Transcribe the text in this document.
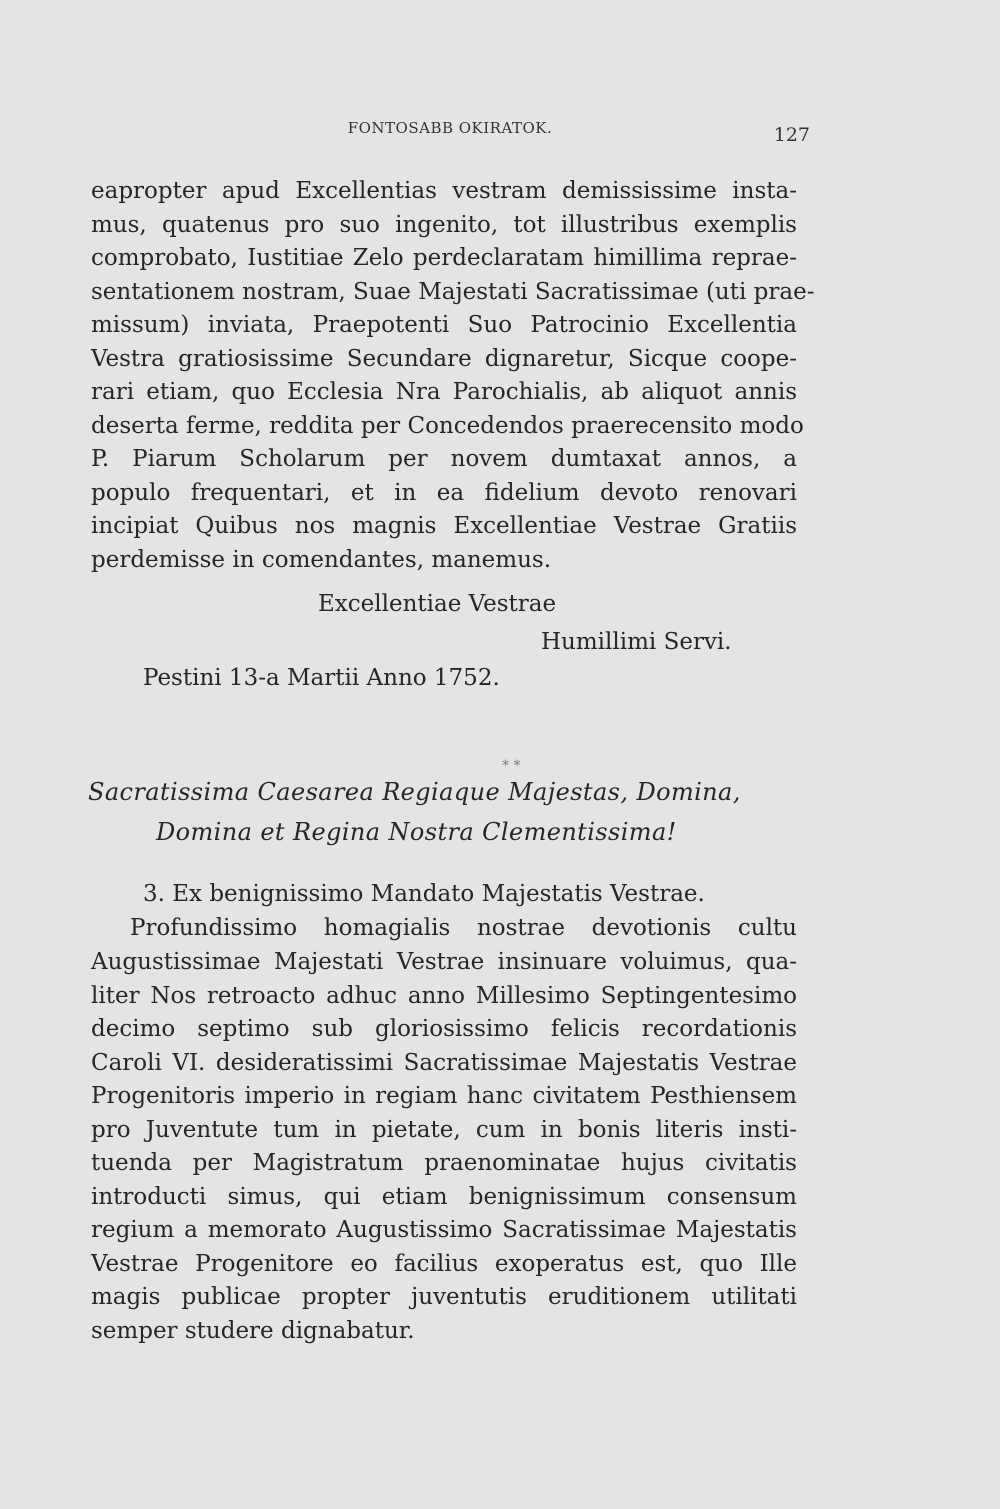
FONTOSABB OKIRATOK.	127
eapropter apud Excellentias vestram demississime insta-
mus, quatenus pro suo ingenito, tot illustribus exemplis
comprobato, Iustitiae Zelo perdeclaratam himillima reprae-
sentationem nostram, Suae Majestati Sacratissimae (uti prae-
missum) inviata, Praepotenti Suo Patrocinio Excellentia
Vestra gratiosissime Secundare dignaretur, Sicque coope-
rari etiam, quo Ecclesia Nra Parochialis, ab aliquot annis
deserta ferme, reddita per Concedendos praerecensito modo
P. Piarum Scholarum per novem dumtaxat annos, a
populo frequentari, et in ea fidelium devoto renovari
incipiat Quibus nos magnis Excellentiae Vestrae Gratiis
perdemisse in comendantes, manemus.
Excellentiae Vestrae
Humillimi Servi.
Pestini 13-a Martii Anno 1752.
* *
Sacratissima Caesarea Regiaque Majestas, Domina,
Domina et Regina Nostra Clementissima!
3. Ex benignissimo Mandato Majestatis Vestrae.
Profundissimo homagialis nostrae devotionis cultu
Augustissimae Majestati Vestrae insinuare voluimus, qua-
liter Nos retroacto adhuc anno Millesimo Septingentesimo
decimo septimo sub gloriosissimo felicis recordationis
Caroli VI. desideratissimi Sacratissimae Majestatis Vestrae
Progenitoris imperio in regiam hanc civitatem Pesthiensem
pro Juventute tum in pietate, cum in bonis literis insti-
tuenda per Magistratum praenominatae hujus civitatis
introducti simus, qui etiam benignissimum consensum
regium a memorato Augustissimo Sacratissimae Majestatis
Vestrae Progenitore eo facilius exoperatus est, quo Ille
magis publicae propter juventutis eruditionem utilitati
semper studere dignabatur.
